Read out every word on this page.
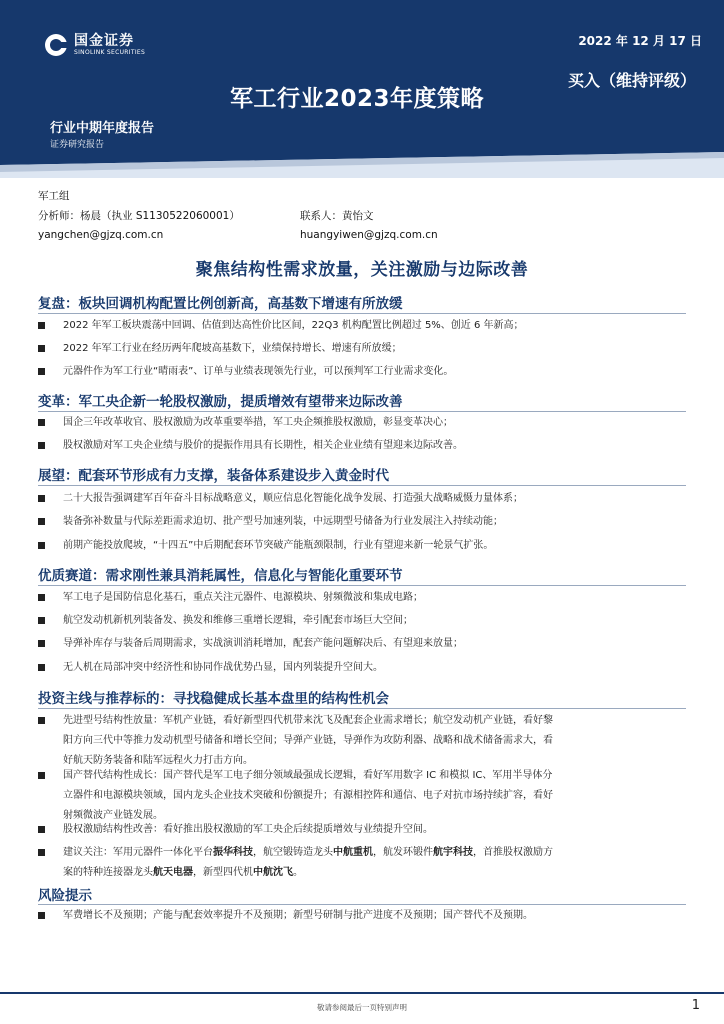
国金证券
SINOLINK SECURITIES
2022 年 12 月 17 日
军工行业2023年度策略
买入（维持评级）
行业中期年度报告
证券研究报告
军工组
分析师：杨晨（执业 S1130522060001）
yangchen@gjzq.com.cn
联系人：黄怡文
huangyiwen@gjzq.com.cn
聚焦结构性需求放量，关注激励与边际改善
复盘：板块回调机构配置比例创新高，高基数下增速有所放缓
2022 年军工板块震荡中回调、估值到达高性价比区间，22Q3 机构配置比例超过 5%、创近 6 年新高；
2022 年军工行业在经历两年爬坡高基数下，业绩保持增长、增速有所放缓；
元器件作为军工行业“晴雨表”、订单与业绩表现领先行业，可以预判军工行业需求变化。
变革：军工央企新一轮股权激励，提质增效有望带来边际改善
国企三年改革收官、股权激励为改革重要举措，军工央企频推股权激励，彰显变革决心；
股权激励对军工央企业绩与股价的提振作用具有长期性，相关企业业绩有望迎来边际改善。
展望：配套环节形成有力支撑，装备体系建设步入黄金时代
二十大报告强调建军百年奋斗目标战略意义，顺应信息化智能化战争发展、打造强大战略威慑力量体系；
装备弥补数量与代际差距需求迫切、批产型号加速列装，中远期型号储备为行业发展注入持续动能；
前期产能投放爬坡，“十四五”中后期配套环节突破产能瓶颈限制，行业有望迎来新一轮景气扩张。
优质赛道：需求刚性兼具消耗属性，信息化与智能化重要环节
军工电子是国防信息化基石，重点关注元器件、电源模块、射频微波和集成电路；
航空发动机新机列装备发、换发和维修三重增长逻辑，牵引配套市场巨大空间；
导弹补库存与装备后周期需求，实战演训消耗增加，配套产能问题解决后、有望迎来放量；
无人机在局部冲突中经济性和协同作战优势凸显，国内列装提升空间大。
投资主线与推荐标的：寻找稳健成长基本盘里的结构性机会
先进型号结构性放量：军机产业链，看好新型四代机带来沈飞及配套企业需求增长；航空发动机产业链，看好黎
阳方向三代中等推力发动机型号储备和增长空间；导弹产业链，导弹作为攻防利器、战略和战术储备需求大，看
好航天防务装备和陆军远程火力打击方向。
国产替代结构性成长：国产替代是军工电子细分领域最强成长逻辑，看好军用数字 IC 和模拟 IC、军用半导体分
立器件和电源模块领域，国内龙头企业技术突破和份额提升；有源相控阵和通信、电子对抗市场持续扩容，看好
射频微波产业链发展。
股权激励结构性改善：看好推出股权激励的军工央企后续提质增效与业绩提升空间。
建议关注：军用元器件一体化平台振华科技，航空锻铸造龙头中航重机，航发环锻件航宇科技，首推股权激励方
案的特种连接器龙头航天电器，新型四代机中航沈飞。
风险提示
军费增长不及预期；产能与配套效率提升不及预期；新型号研制与批产进度不及预期；国产替代不及预期。
敬请参阅最后一页特别声明	1
